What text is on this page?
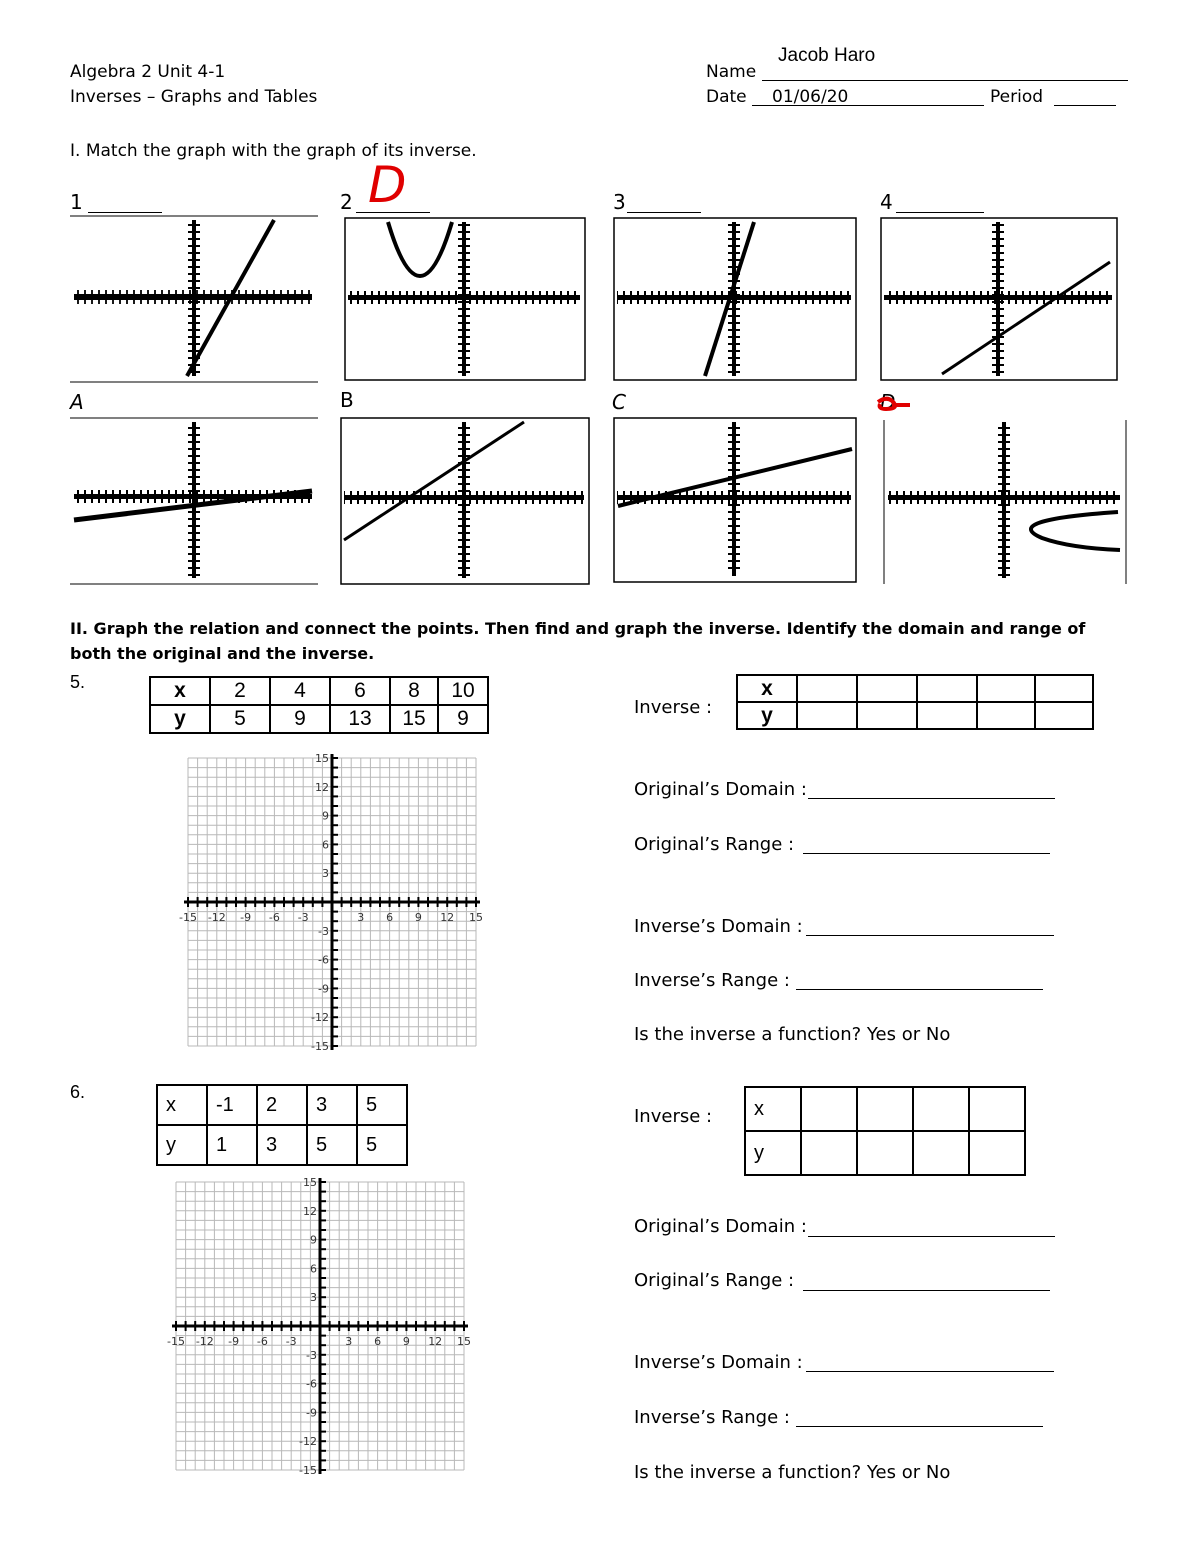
Algebra 2 Unit 4-1
Inverses – Graphs and Tables
Name
Jacob Haro
Date 01/06/20	Period
I. Match the graph with the graph of its inverse.
1	2 D	3	4
A	B	C	D
II. Graph the relation and connect the points. Then find and graph the inverse. Identify the domain and range of both the original and the inverse.
5.	x	2	4	6	8	10
y	5	9	13	15	9	Inverse :
x					
y					
-15 -12 -9 -6 -3	3 6 9 12 15
15
12
9
6
3
-3
-6
-9
-12
-15
Original’s Domain :
Original’s Range :
Inverse’s Domain :
Inverse’s Range :
Is the inverse a function? Yes or No
6.
x	-1	2	3	5
y	1	3	5	5
Inverse : x				
y				
-15 -12 -9 -6 -3	3 6 9 12 15
15
12
9
6
3
-3
-6
-9
-12
-15
Original’s Domain :
Original’s Range :
Inverse’s Domain :
Inverse’s Range :
Is the inverse a function? Yes or No
